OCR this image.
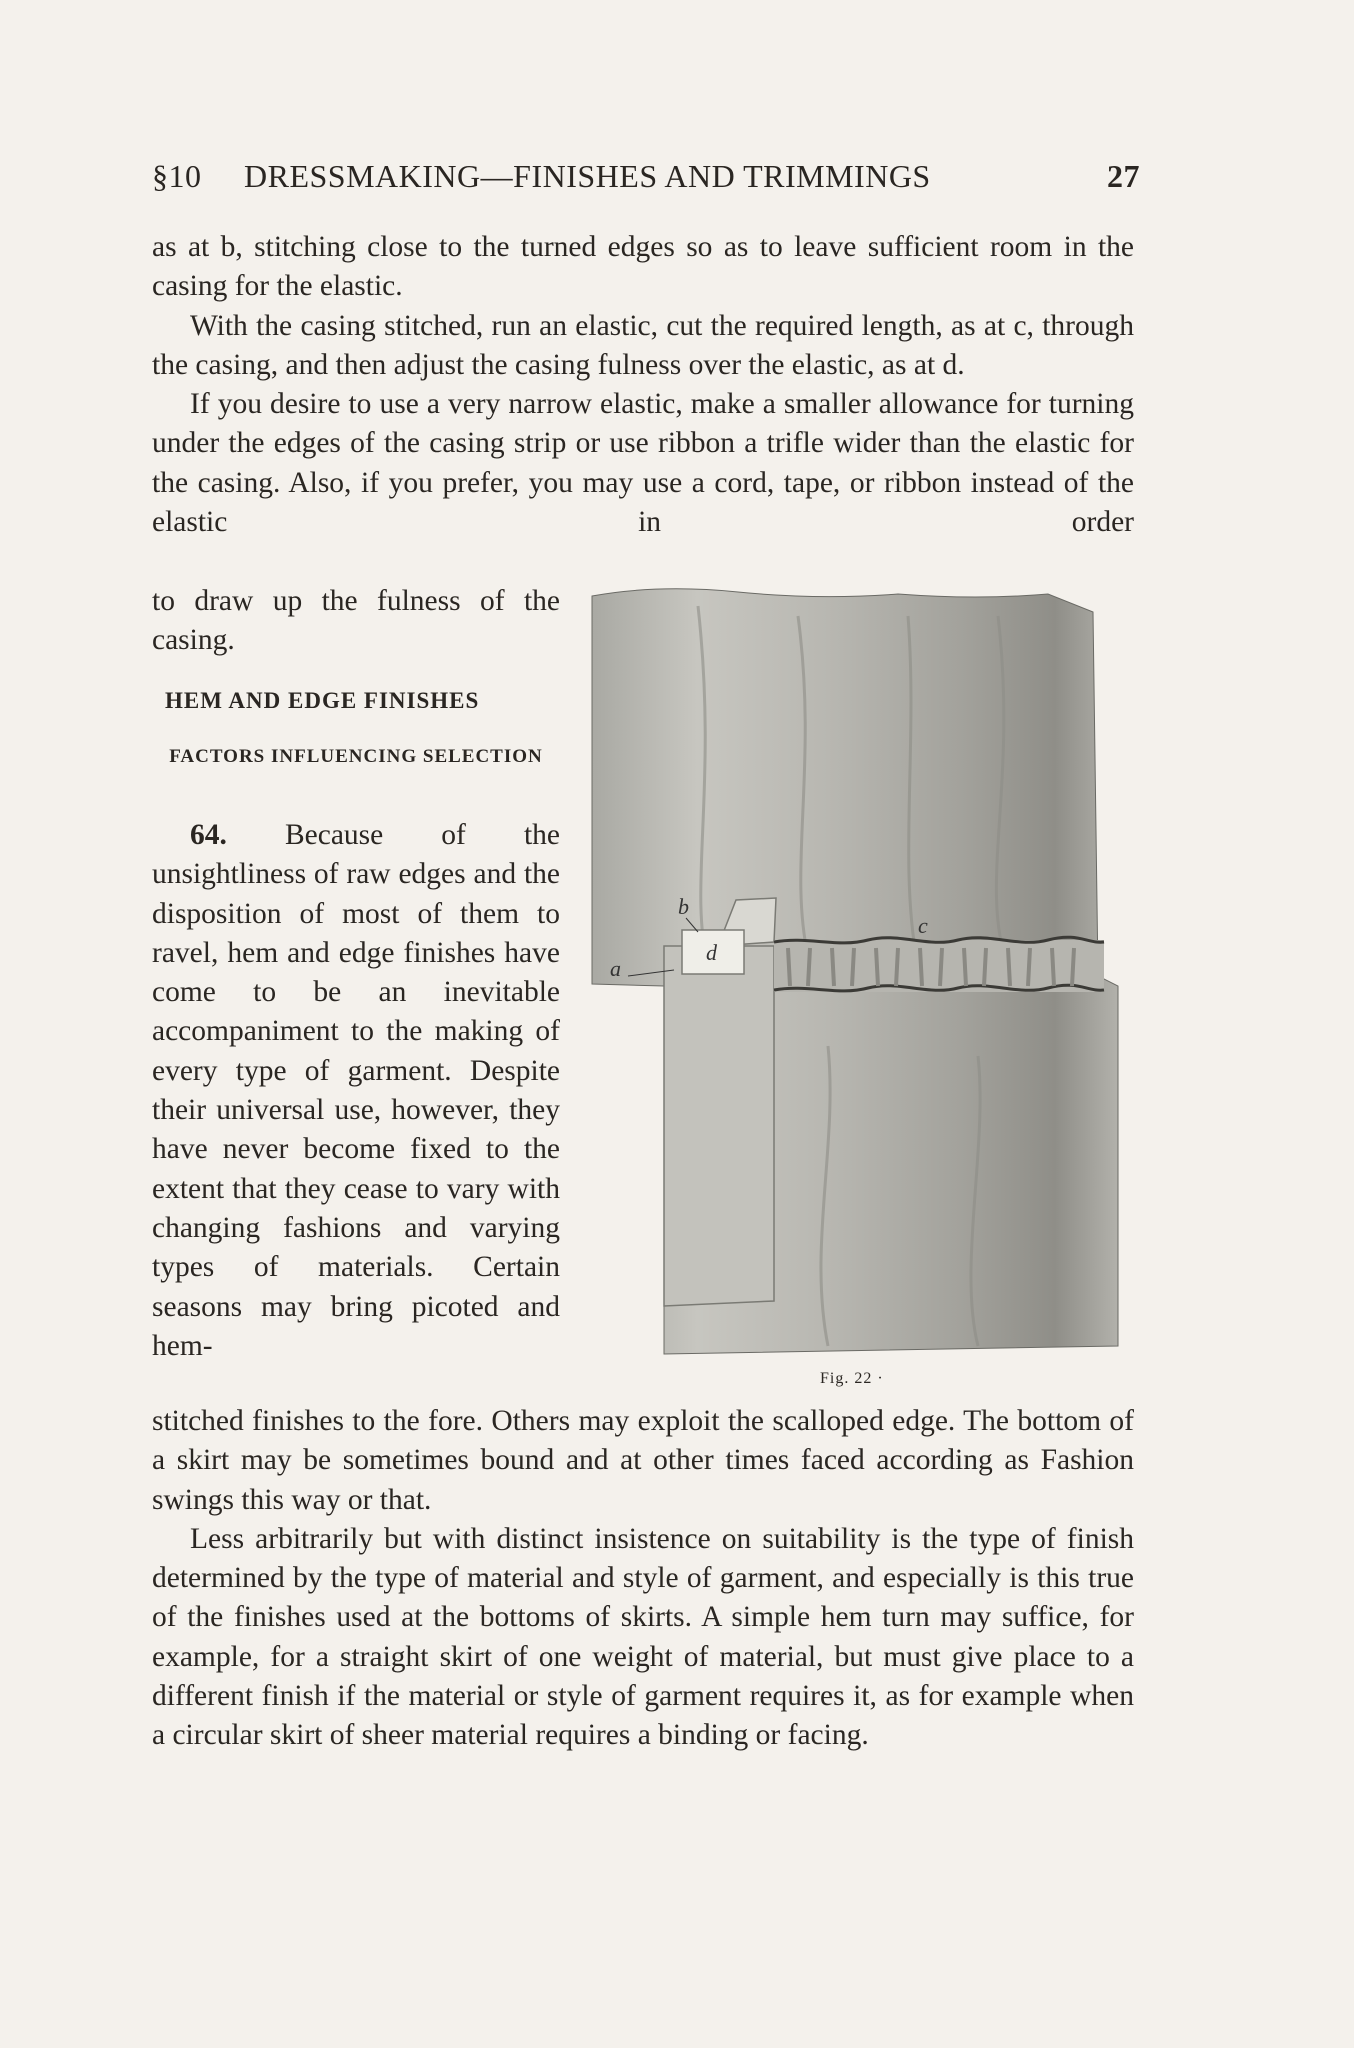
§10 DRESSMAKING—FINISHES AND TRIMMINGS	27

as at b, stitching close to the turned edges so as to leave sufficient room in the casing for the elastic.

With the casing stitched, run an elastic, cut the required length, as at c, through the casing, and then adjust the casing fulness over the elastic, as at d.

If you desire to use a very narrow elastic, make a smaller allowance for turning under the edges of the casing strip or use ribbon a trifle wider than the elastic for the casing. Also, if you prefer, you may use a cord, tape, or ribbon instead of the elastic in order

to draw up the fulness of the casing.

HEM AND EDGE FINISHES
FACTORS INFLUENCING SELECTION

64. Because of the unsightliness of raw edges and the disposition of most of them to ravel, hem and edge finishes have come to be an inevitable accompaniment to the making of every type of garment. Despite their universal use, however, they have never become fixed to the extent that they cease to vary with changing fashions and varying types of materials. Certain seasons may bring picoted and hem-

stitched finishes to the fore. Others may exploit the scalloped edge. The bottom of a skirt may be sometimes bound and at other times faced according as Fashion swings this way or that.

Less arbitrarily but with distinct insistence on suitability is the type of finish determined by the type of material and style of garment, and especially is this true of the finishes used at the bottoms of skirts. A simple hem turn may suffice, for example, for a straight skirt of one weight of material, but must give place to a different finish if the material or style of garment requires it, as for example when a circular skirt of sheer material requires a binding or facing.

d
b
c
a
Fig. 22 ·
